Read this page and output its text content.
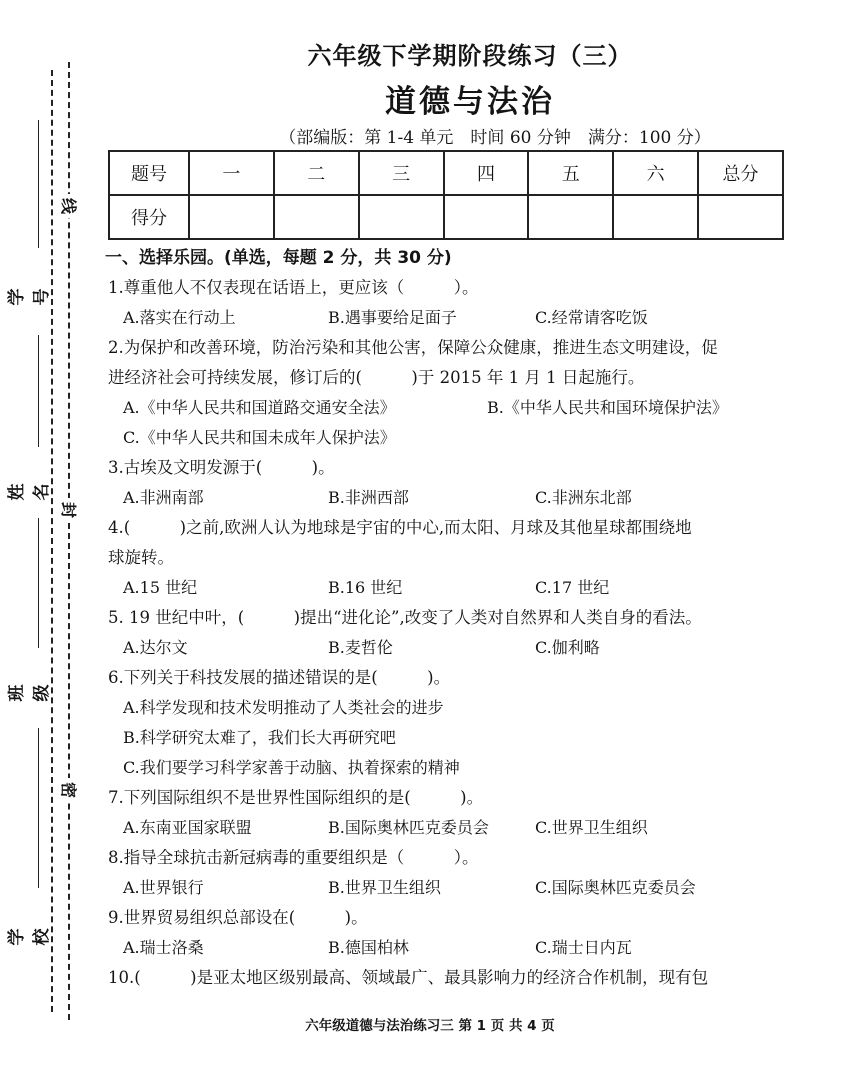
学号
姓名
班级
学校
线
封
密
六年级下学期阶段练习（三）
道德与法治
（部编版：第 1-4 单元　时间 60 分钟　满分：100 分）
题号	一	二	三	四	五	六	总分
得分							
一、选择乐园。(单选，每题 2 分，共 30 分)
1.尊重他人不仅表现在话语上，更应该（　　　）。
A.落实在行动上	B.遇事要给足面子	C.经常请客吃饭
2.为保护和改善环境，防治污染和其他公害，保障公众健康，推进生态文明建设，促
进经济社会可持续发展，修订后的(　　　)于 2015 年 1 月 1 日起施行。
A.《中华人民共和国道路交通安全法》	B.《中华人民共和国环境保护法》
C.《中华人民共和国未成年人保护法》
3.古埃及文明发源于(　　　)。
A.非洲南部	B.非洲西部	C.非洲东北部
4.(　　　)之前,欧洲人认为地球是宇宙的中心,而太阳、月球及其他星球都围绕地
球旋转。
A.15 世纪	B.16 世纪	C.17 世纪
5. 19 世纪中叶，(　　　)提出“进化论”,改变了人类对自然界和人类自身的看法。
A.达尔文	B.麦哲伦	C.伽利略
6.下列关于科技发展的描述错误的是(　　　)。
A.科学发现和技术发明推动了人类社会的进步
B.科学研究太难了，我们长大再研究吧
C.我们要学习科学家善于动脑、执着探索的精神
7.下列国际组织不是世界性国际组织的是(　　　)。
A.东南亚国家联盟	B.国际奥林匹克委员会	C.世界卫生组织
8.指导全球抗击新冠病毒的重要组织是（　　　）。
A.世界银行	B.世界卫生组织	C.国际奥林匹克委员会
9.世界贸易组织总部设在(　　　)。
A.瑞士洛桑	B.德国柏林	C.瑞士日内瓦
10.(　　　)是亚太地区级别最高、领域最广、最具影响力的经济合作机制，现有包
六年级道德与法治练习三 第 1 页 共 4 页
